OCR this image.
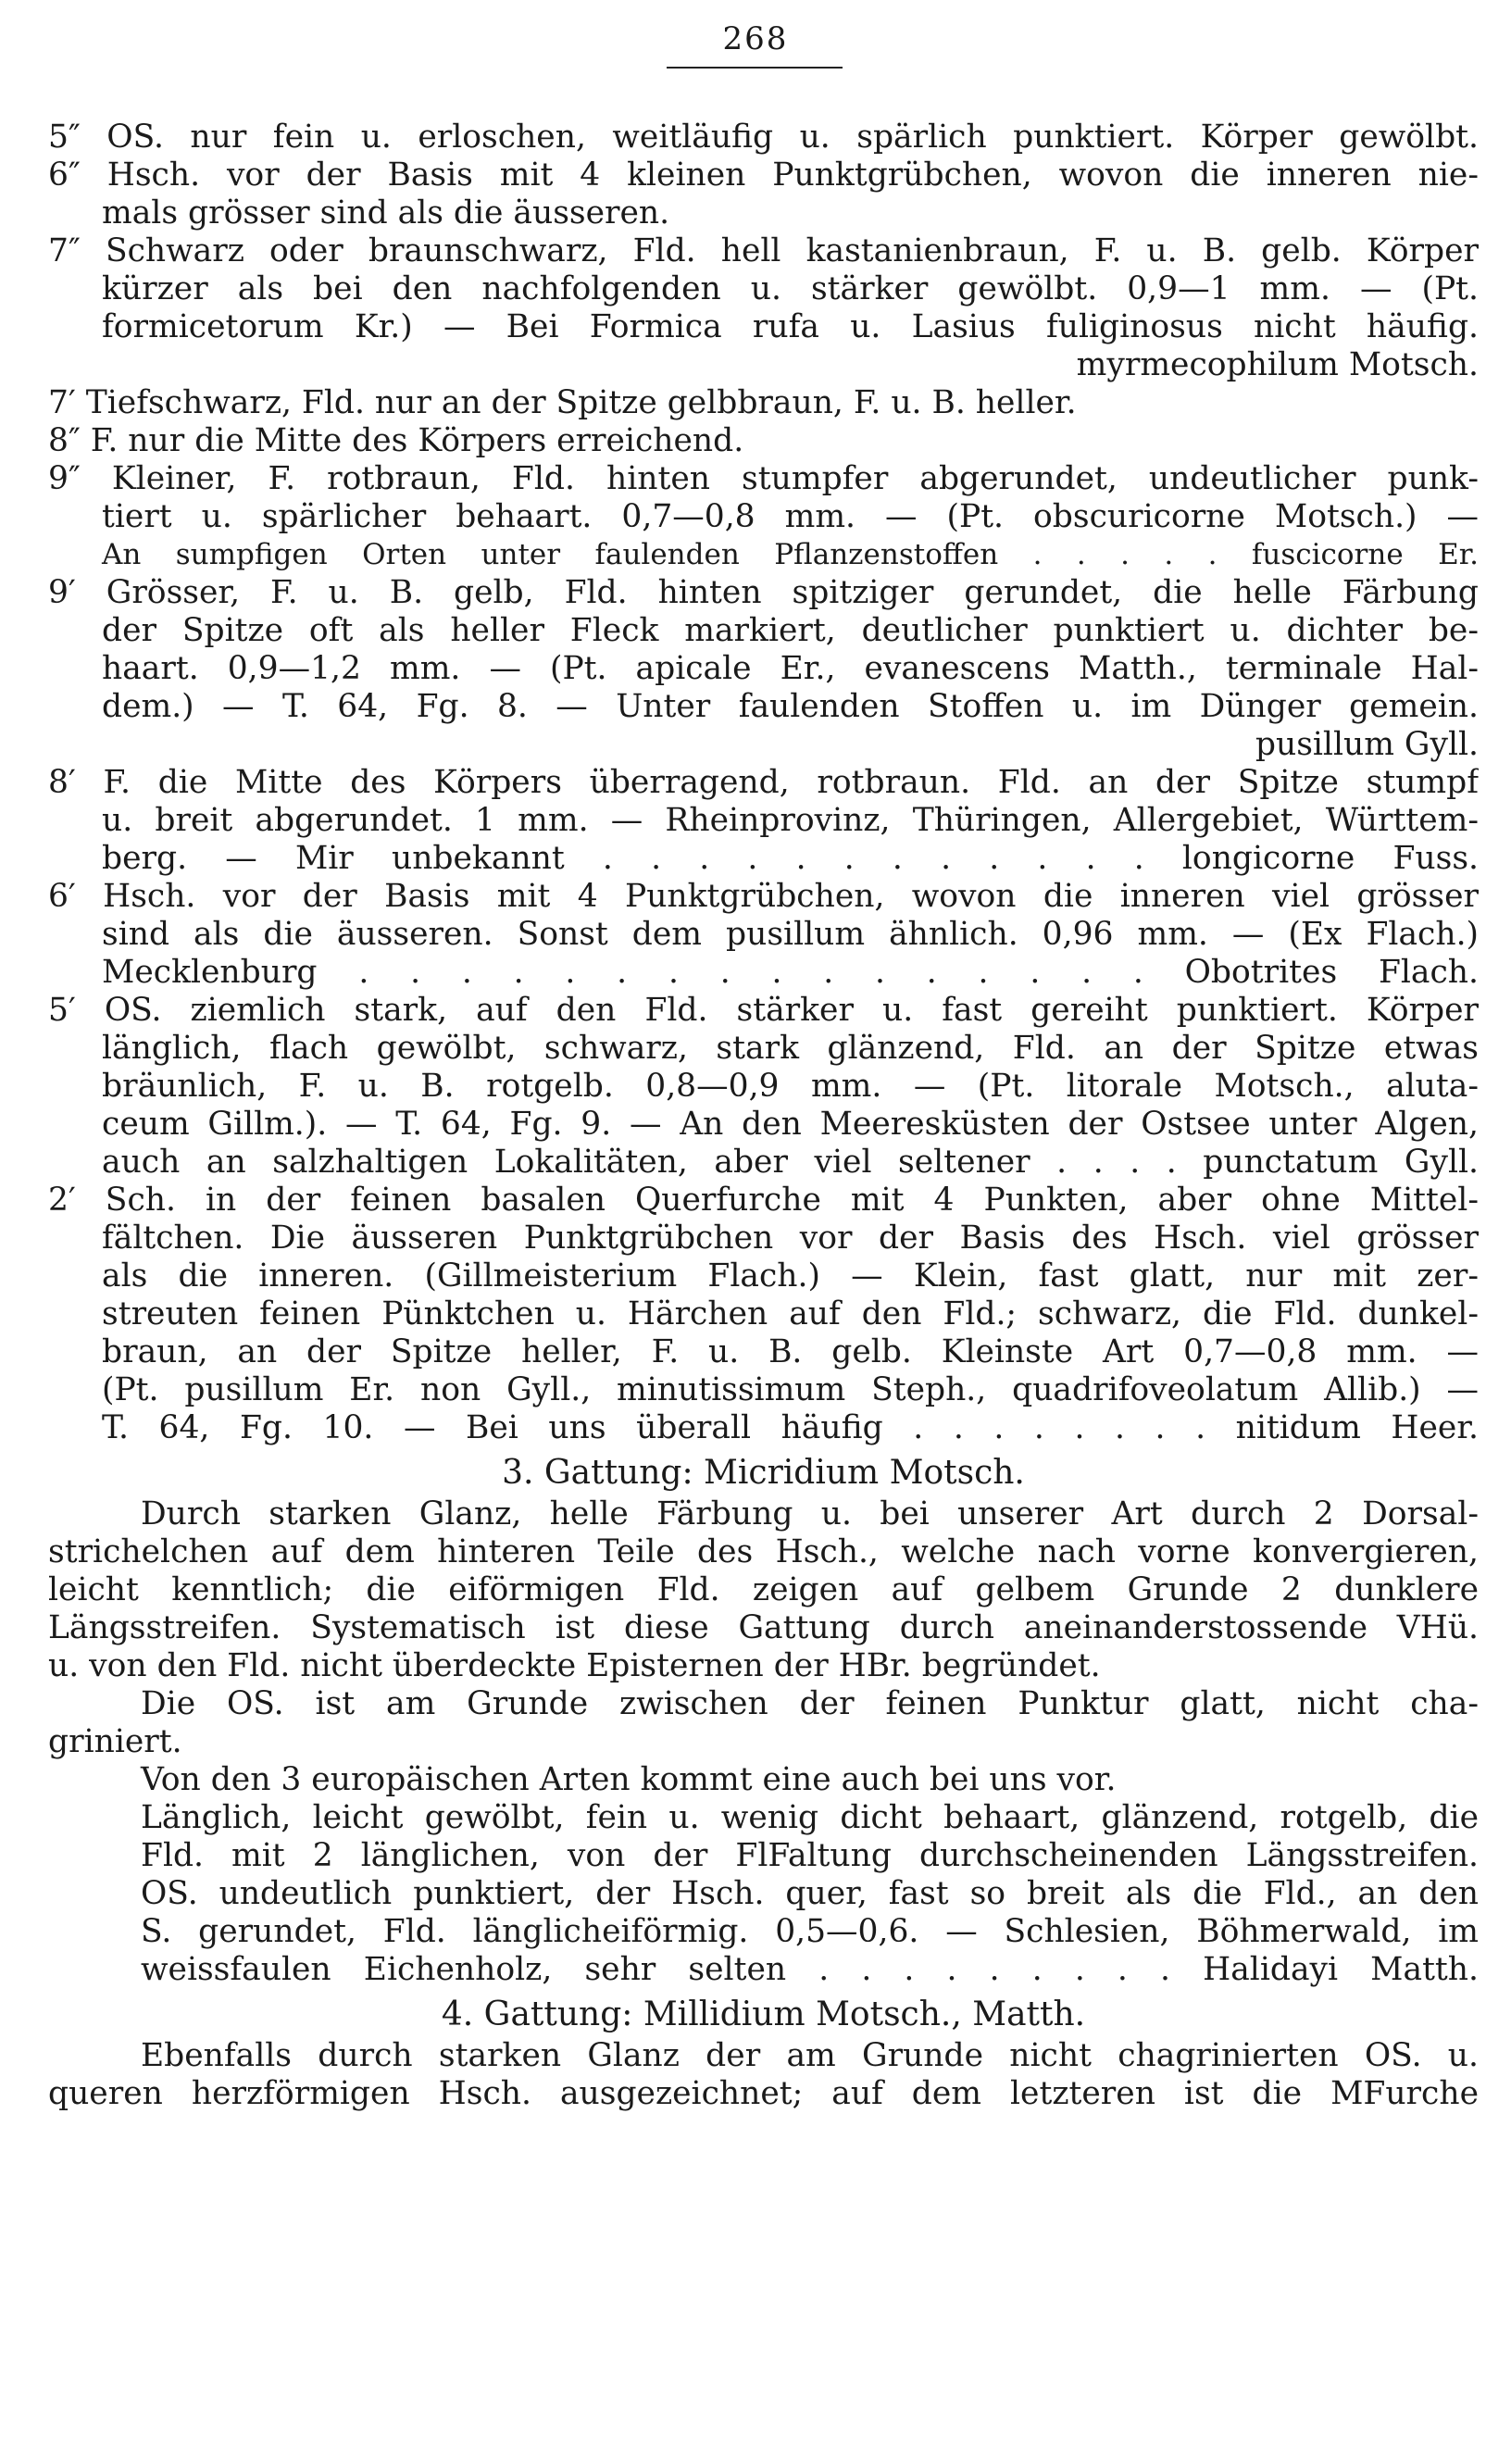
268
5″ OS. nur fein u. erloschen, weitläufig u. spärlich punktiert. Körper gewölbt.
6″ Hsch. vor der Basis mit 4 kleinen Punktgrübchen, wovon die inneren nie-
mals grösser sind als die äusseren.
7″ Schwarz oder braunschwarz, Fld. hell kastanienbraun, F. u. B. gelb. Körper
kürzer als bei den nachfolgenden u. stärker gewölbt. 0,9—1 mm. — (Pt.
formicetorum Kr.) — Bei Formica rufa u. Lasius fuliginosus nicht häufig.
myrmecophilum Motsch.
7′ Tiefschwarz, Fld. nur an der Spitze gelbbraun, F. u. B. heller.
8″ F. nur die Mitte des Körpers erreichend.
9″ Kleiner, F. rotbraun, Fld. hinten stumpfer abgerundet, undeutlicher punk-
tiert u. spärlicher behaart. 0,7—0,8 mm. — (Pt. obscuricorne Motsch.) —
An sumpfigen Orten unter faulenden Pflanzenstoffen . . . . . fuscicorne Er.
9′ Grösser, F. u. B. gelb, Fld. hinten spitziger gerundet, die helle Färbung
der Spitze oft als heller Fleck markiert, deutlicher punktiert u. dichter be-
haart. 0,9—1,2 mm. — (Pt. apicale Er., evanescens Matth., terminale Hal-
dem.) — T. 64, Fg. 8. — Unter faulenden Stoffen u. im Dünger gemein.
pusillum Gyll.
8′ F. die Mitte des Körpers überragend, rotbraun. Fld. an der Spitze stumpf
u. breit abgerundet. 1 mm. — Rheinprovinz, Thüringen, Allergebiet, Württem-
berg. — Mir unbekannt . . . . . . . . . . . . longicorne Fuss.
6′ Hsch. vor der Basis mit 4 Punktgrübchen, wovon die inneren viel grösser
sind als die äusseren. Sonst dem pusillum ähnlich. 0,96 mm. — (Ex Flach.)
Mecklenburg . . . . . . . . . . . . . . . . Obotrites Flach.
5′ OS. ziemlich stark, auf den Fld. stärker u. fast gereiht punktiert. Körper
länglich, flach gewölbt, schwarz, stark glänzend, Fld. an der Spitze etwas
bräunlich, F. u. B. rotgelb. 0,8—0,9 mm. — (Pt. litorale Motsch., aluta-
ceum Gillm.). — T. 64, Fg. 9. — An den Meeresküsten der Ostsee unter Algen,
auch an salzhaltigen Lokalitäten, aber viel seltener . . . . punctatum Gyll.
2′ Sch. in der feinen basalen Querfurche mit 4 Punkten, aber ohne Mittel-
fältchen. Die äusseren Punktgrübchen vor der Basis des Hsch. viel grösser
als die inneren. (Gillmeisterium Flach.) — Klein, fast glatt, nur mit zer-
streuten feinen Pünktchen u. Härchen auf den Fld.; schwarz, die Fld. dunkel-
braun, an der Spitze heller, F. u. B. gelb. Kleinste Art 0,7—0,8 mm. —
(Pt. pusillum Er. non Gyll., minutissimum Steph., quadrifoveolatum Allib.) —
T. 64, Fg. 10. — Bei uns überall häufig . . . . . . . . nitidum Heer.
3. Gattung: Micridium Motsch.
Durch starken Glanz, helle Färbung u. bei unserer Art durch 2 Dorsal-
strichelchen auf dem hinteren Teile des Hsch., welche nach vorne konvergieren,
leicht kenntlich; die eiförmigen Fld. zeigen auf gelbem Grunde 2 dunklere
Längsstreifen. Systematisch ist diese Gattung durch aneinanderstossende VHü.
u. von den Fld. nicht überdeckte Episternen der HBr. begründet.
Die OS. ist am Grunde zwischen der feinen Punktur glatt, nicht cha-
griniert.
Von den 3 europäischen Arten kommt eine auch bei uns vor.
Länglich, leicht gewölbt, fein u. wenig dicht behaart, glänzend, rotgelb, die
Fld. mit 2 länglichen, von der FlFaltung durchscheinenden Längsstreifen.
OS. undeutlich punktiert, der Hsch. quer, fast so breit als die Fld., an den
S. gerundet, Fld. länglicheiförmig. 0,5—0,6. — Schlesien, Böhmerwald, im
weissfaulen Eichenholz, sehr selten . . . . . . . . . Halidayi Matth.
4. Gattung: Millidium Motsch., Matth.
Ebenfalls durch starken Glanz der am Grunde nicht chagrinierten OS. u.
queren herzförmigen Hsch. ausgezeichnet; auf dem letzteren ist die MFurche
